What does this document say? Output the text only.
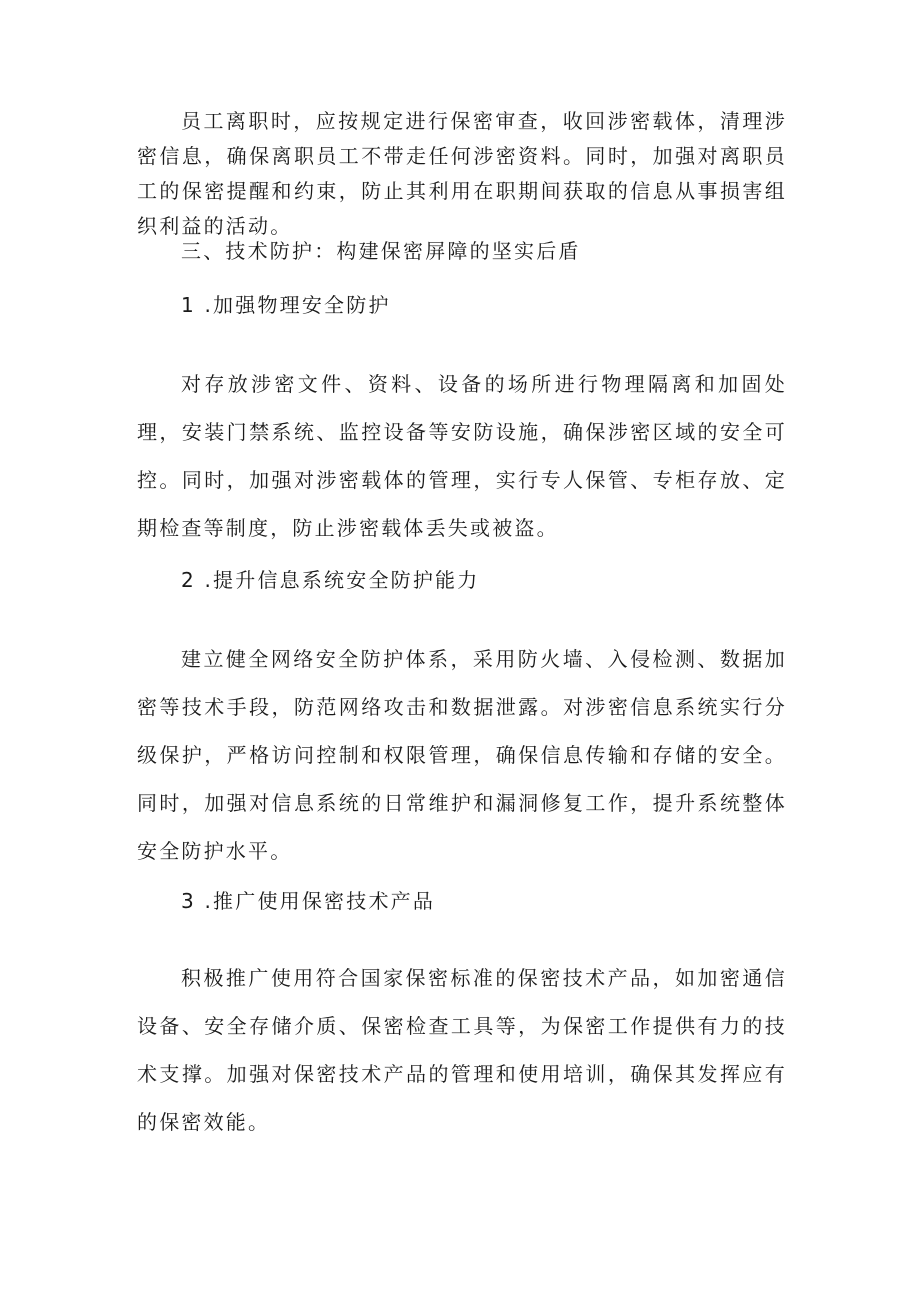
员工离职时，应按规定进行保密审查，收回涉密载体，清理涉密信息，确保离职员工不带走任何涉密资料。同时，加强对离职员工的保密提醒和约束，防止其利用在职期间获取的信息从事损害组织利益的活动。

三、技术防护：构建保密屏障的坚实后盾

1 .加强物理安全防护

对存放涉密文件、资料、设备的场所进行物理隔离和加固处理，安装门禁系统、监控设备等安防设施，确保涉密区域的安全可控。同时，加强对涉密载体的管理，实行专人保管、专柜存放、定期检查等制度，防止涉密载体丢失或被盗。

2 .提升信息系统安全防护能力

建立健全网络安全防护体系，采用防火墙、入侵检测、数据加密等技术手段，防范网络攻击和数据泄露。对涉密信息系统实行分级保护，严格访问控制和权限管理，确保信息传输和存储的安全。同时，加强对信息系统的日常维护和漏洞修复工作，提升系统整体安全防护水平。

3 .推广使用保密技术产品

积极推广使用符合国家保密标准的保密技术产品，如加密通信设备、安全存储介质、保密检查工具等，为保密工作提供有力的技术支撑。加强对保密技术产品的管理和使用培训，确保其发挥应有的保密效能。
